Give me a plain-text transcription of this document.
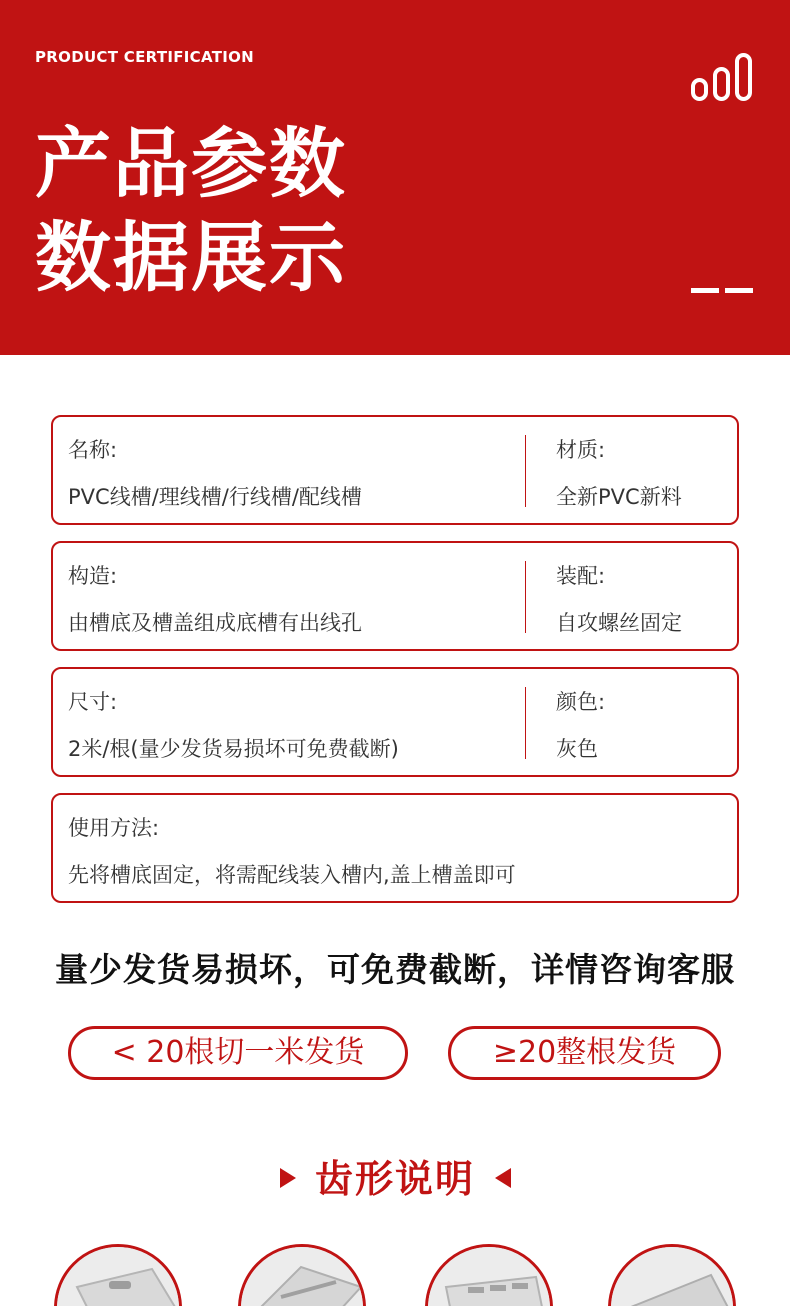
PRODUCT CERTIFICATION
产品参数
数据展示
名称:
PVC线槽/理线槽/行线槽/配线槽
材质:
全新PVC新料
构造:
由槽底及槽盖组成底槽有出线孔
装配:
自攻螺丝固定
尺寸:
2米/根(量少发货易损坏可免费截断)
颜色:
灰色
使用方法:
先将槽底固定，将需配线装入槽内,盖上槽盖即可
量少发货易损坏，可免费截断，详情咨询客服
< 20根切一米发货	≥20整根发货
齿形说明
